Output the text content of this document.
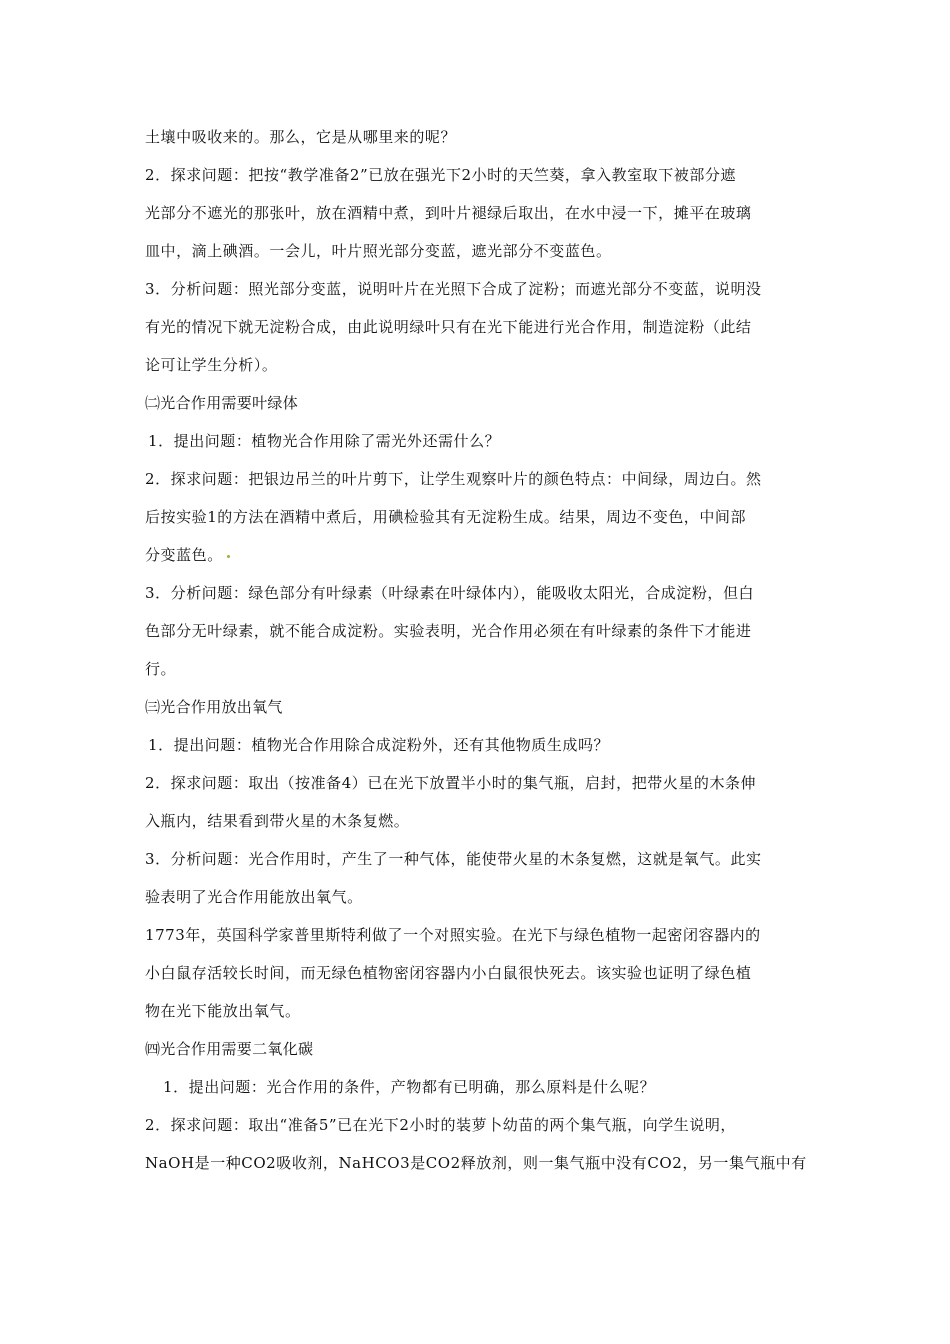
土壤中吸收来的。那么，它是从哪里来的呢？
2．探求问题：把按“教学准备2”已放在强光下2小时的天竺葵，拿入教室取下被部分遮
光部分不遮光的那张叶，放在酒精中煮，到叶片褪绿后取出，在水中浸一下，摊平在玻璃
皿中，滴上碘酒。一会儿，叶片照光部分变蓝，遮光部分不变蓝色。
3．分析问题：照光部分变蓝，说明叶片在光照下合成了淀粉；而遮光部分不变蓝，说明没
有光的情况下就无淀粉合成，由此说明绿叶只有在光下能进行光合作用，制造淀粉（此结
论可让学生分析）。
㈡光合作用需要叶绿体
1．提出问题：植物光合作用除了需光外还需什么？
2．探求问题：把银边吊兰的叶片剪下，让学生观察叶片的颜色特点：中间绿，周边白。然
后按实验1的方法在酒精中煮后，用碘检验其有无淀粉生成。结果，周边不变色，中间部
分变蓝色。
3．分析问题：绿色部分有叶绿素（叶绿素在叶绿体内），能吸收太阳光，合成淀粉，但白
色部分无叶绿素，就不能合成淀粉。实验表明，光合作用必须在有叶绿素的条件下才能进
行。
㈢光合作用放出氧气
1．提出问题：植物光合作用除合成淀粉外，还有其他物质生成吗？
2．探求问题：取出（按准备4）已在光下放置半小时的集气瓶，启封，把带火星的木条伸
入瓶内，结果看到带火星的木条复燃。
3．分析问题：光合作用时，产生了一种气体，能使带火星的木条复燃，这就是氧气。此实
验表明了光合作用能放出氧气。
1773年，英国科学家普里斯特利做了一个对照实验。在光下与绿色植物一起密闭容器内的
小白鼠存活较长时间，而无绿色植物密闭容器内小白鼠很快死去。该实验也证明了绿色植
物在光下能放出氧气。
㈣光合作用需要二氧化碳
1．提出问题：光合作用的条件，产物都有已明确，那么原料是什么呢？
2．探求问题：取出“准备5”已在光下2小时的装萝卜幼苗的两个集气瓶，向学生说明，
NaOH是一种CO2吸收剂，NaHCO3是CO2释放剂，则一集气瓶中没有CO2，另一集气瓶中有
